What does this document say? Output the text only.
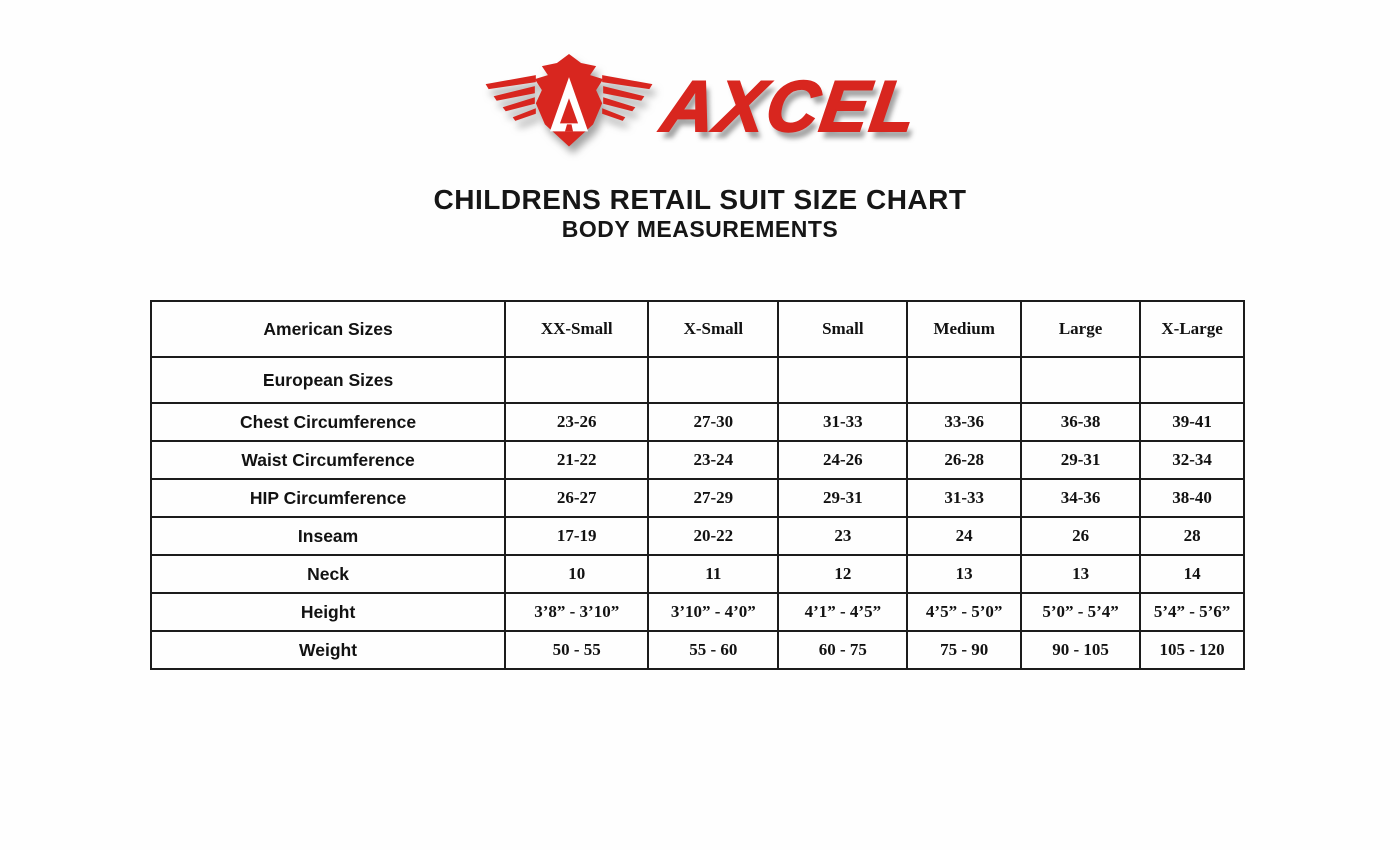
AXCEL
CHILDRENS RETAIL SUIT SIZE CHART
BODY MEASUREMENTS
American Sizes	XX-Small	X-Small	Small	Medium	Large	X-Large
European Sizes						
Chest Circumference	23-26	27-30	31-33	33-36	36-38	39-41
Waist Circumference	21-22	23-24	24-26	26-28	29-31	32-34
HIP Circumference	26-27	27-29	29-31	31-33	34-36	38-40
Inseam	17-19	20-22	23	24	26	28
Neck	10	11	12	13	13	14
Height	3’8” - 3’10”	3’10” - 4’0”	4’1” - 4’5”	4’5” - 5’0”	5’0” - 5’4”	5’4” - 5’6”
Weight	50 - 55	55 - 60	60 - 75	75 - 90	90 - 105	105 - 120
